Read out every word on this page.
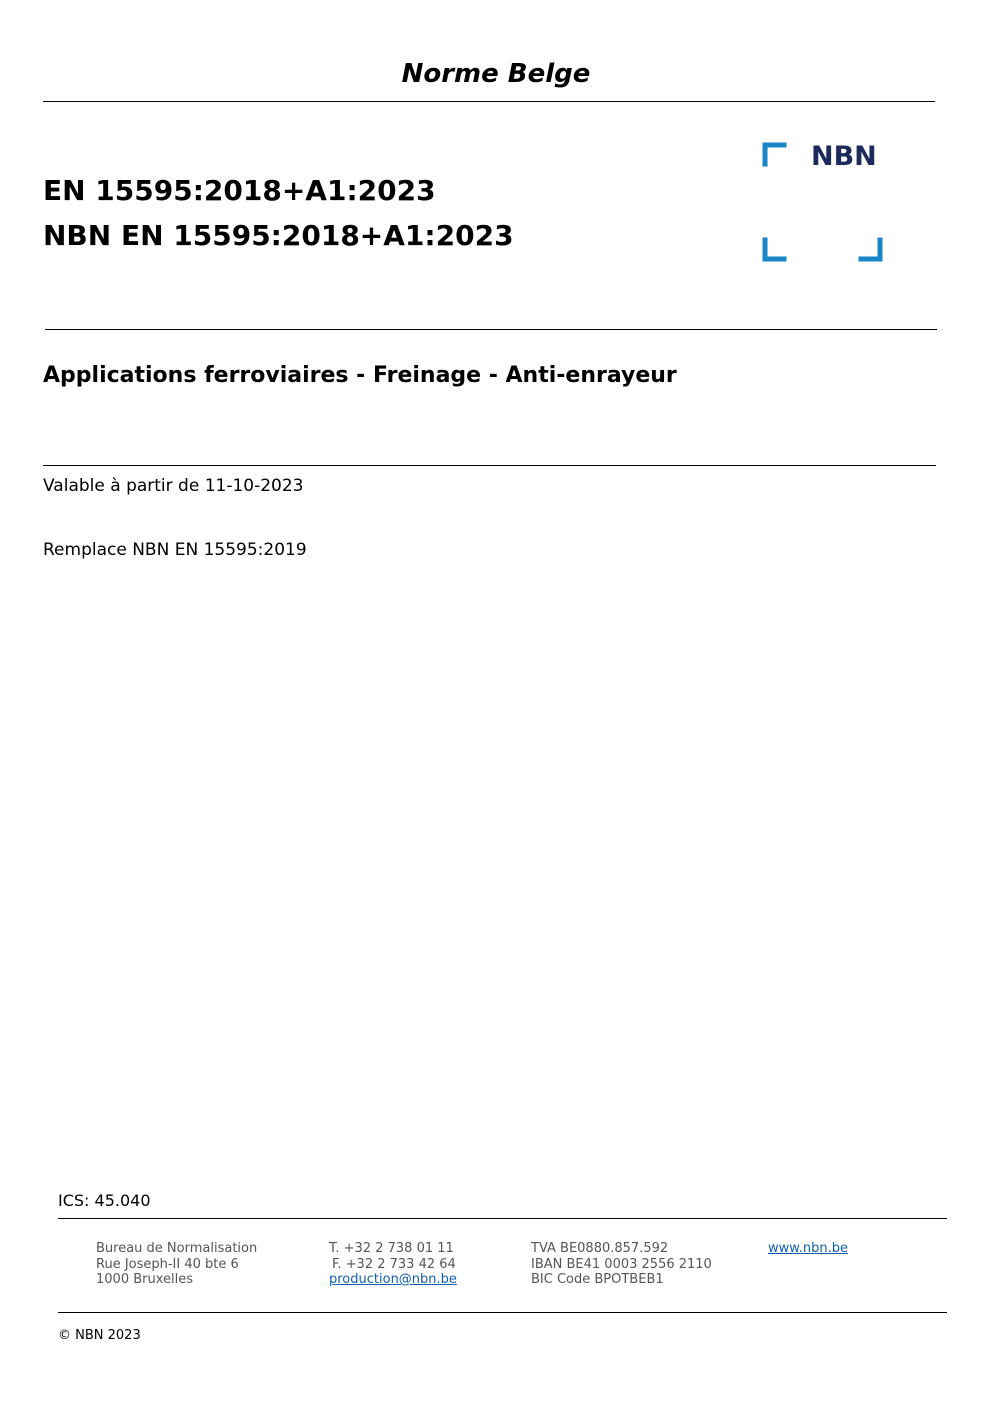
Norme Belge
EN 15595:2018+A1:2023
NBN EN 15595:2018+A1:2023
NBN
Applications ferroviaires - Freinage - Anti-enrayeur
Valable à partir de 11-10-2023
Remplace NBN EN 15595:2019
ICS: 45.040
Bureau de Normalisation
Rue Joseph-II 40 bte 6
1000 Bruxelles
T. +32 2 738 01 11
F. +32 2 733 42 64
production@nbn.be
TVA BE0880.857.592
IBAN BE41 0003 2556 2110
BIC Code BPOTBEB1
www.nbn.be
© NBN 2023
